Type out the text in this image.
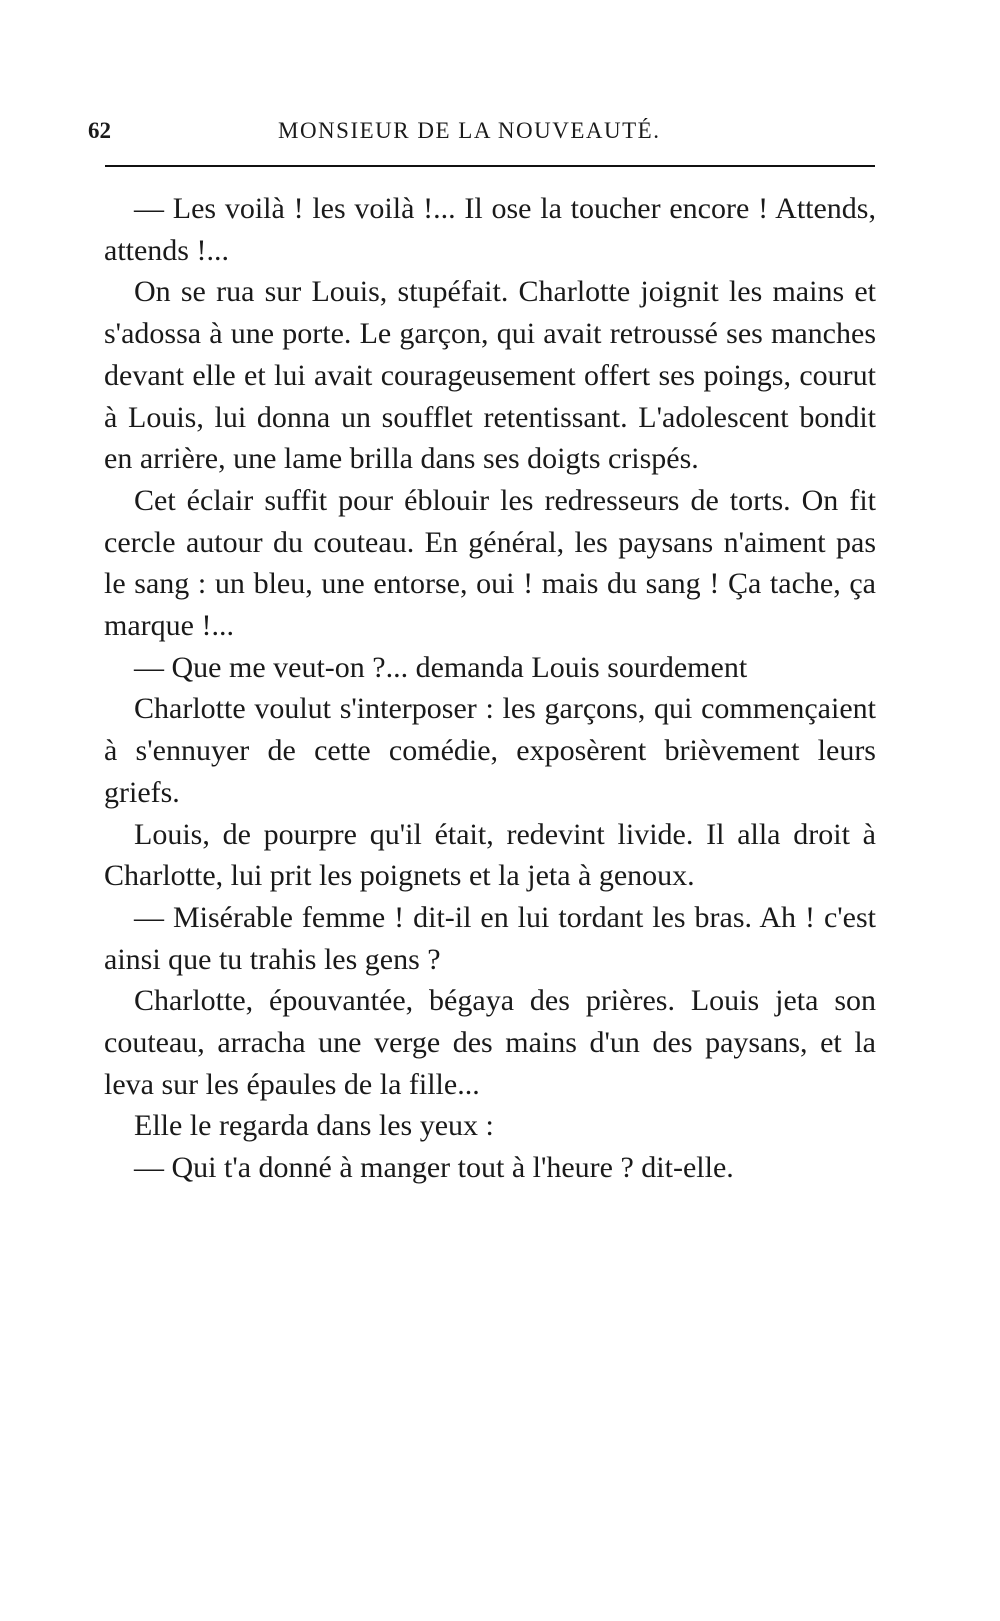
62	MONSIEUR DE LA NOUVEAUTÉ.

— Les voilà ! les voilà !... Il ose la toucher encore ! Attends, attends !...

On se rua sur Louis, stupéfait. Charlotte joignit les mains et s'adossa à une porte. Le garçon, qui avait retroussé ses manches devant elle et lui avait courageusement offert ses poings, courut à Louis, lui donna un soufflet retentissant. L'adolescent bondit en arrière, une lame brilla dans ses doigts crispés.

Cet éclair suffit pour éblouir les redresseurs de torts. On fit cercle autour du couteau. En général, les paysans n'aiment pas le sang : un bleu, une entorse, oui ! mais du sang ! Ça tache, ça marque !...

— Que me veut-on ?... demanda Louis sourdement

Charlotte voulut s'interposer : les garçons, qui commençaient à s'ennuyer de cette comédie, exposèrent brièvement leurs griefs.

Louis, de pourpre qu'il était, redevint livide. Il alla droit à Charlotte, lui prit les poignets et la jeta à genoux.

— Misérable femme ! dit-il en lui tordant les bras. Ah ! c'est ainsi que tu trahis les gens ?

Charlotte, épouvantée, bégaya des prières. Louis jeta son couteau, arracha une verge des mains d'un des paysans, et la leva sur les épaules de la fille...

Elle le regarda dans les yeux :

— Qui t'a donné à manger tout à l'heure ? dit-elle.
